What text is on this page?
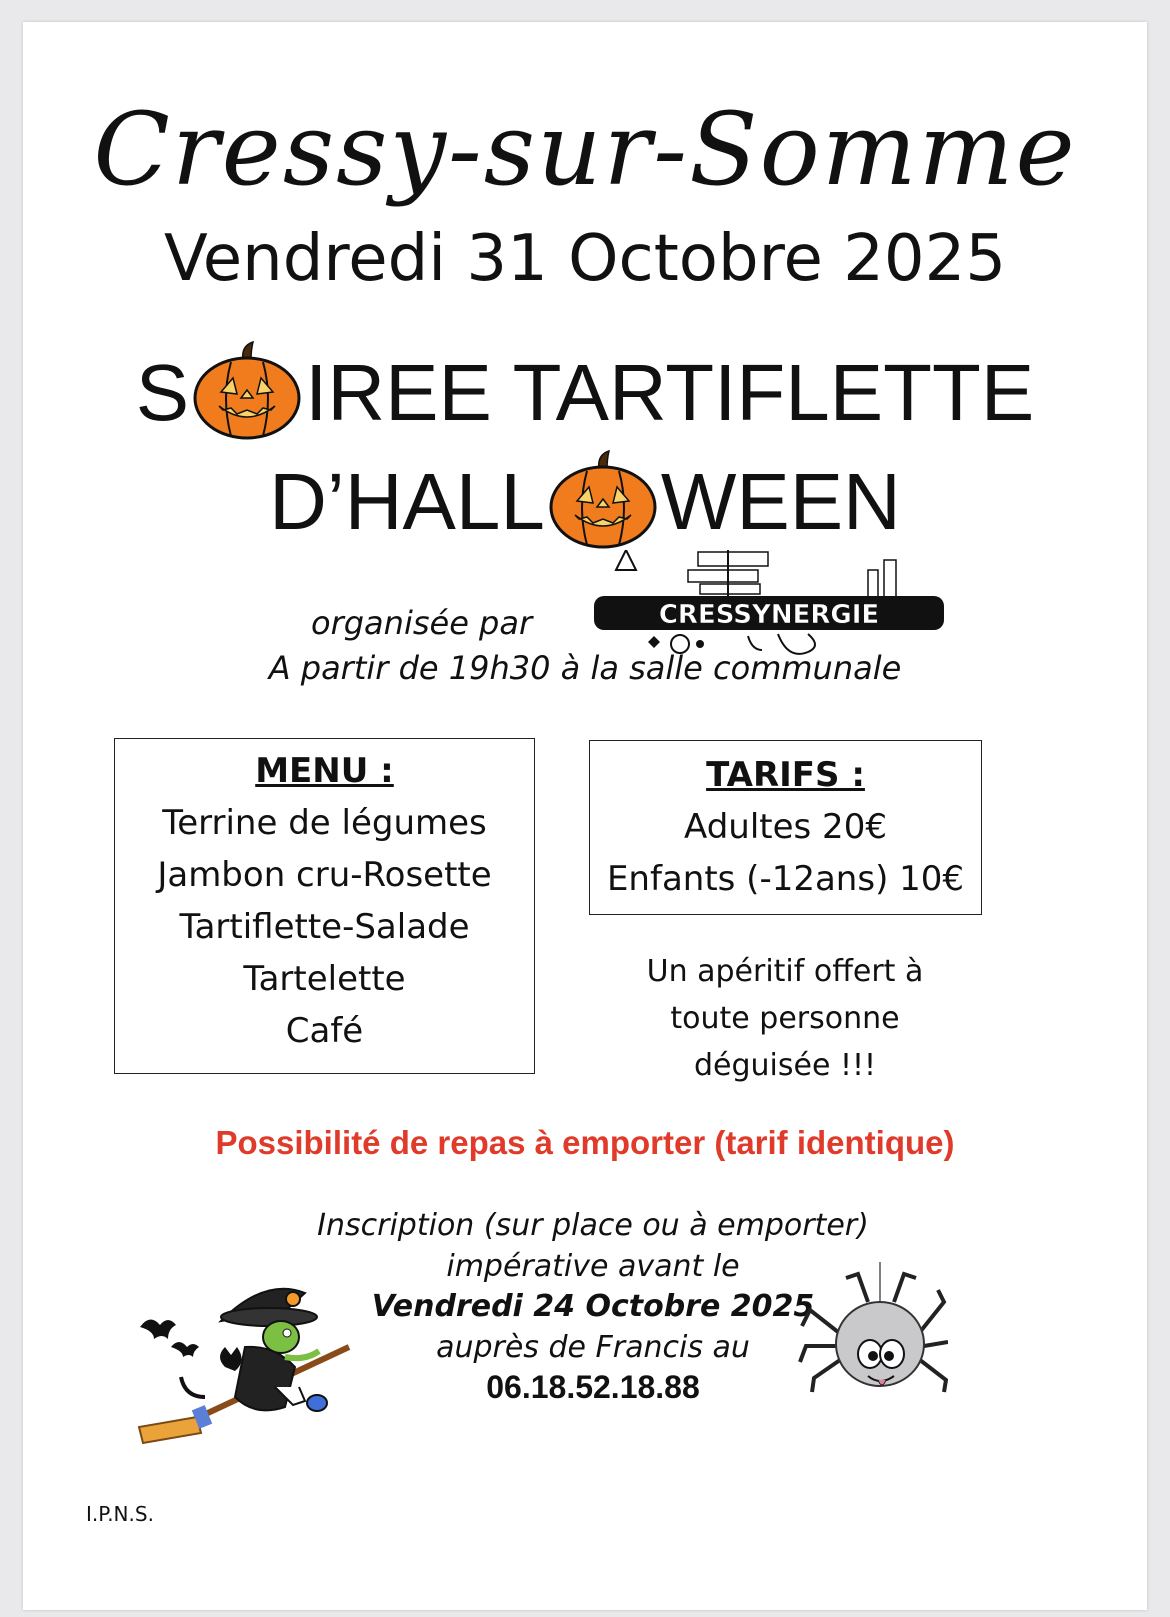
Cressy-sur-Somme
Vendredi 31 Octobre 2025
S IREE TARTIFLETTE
D’HALL WEEN
CRESSYNERGIE
organisée par
A partir de 19h30 à la salle communale
MENU :
Terrine de légumes
Jambon cru-Rosette
Tartiflette-Salade
Tartelette
Café
TARIFS :
Adultes 20€
Enfants (-12ans) 10€
Un apéritif offert à
toute personne
déguisée !!!
Possibilité de repas à emporter (tarif identique)
Inscription (sur place ou à emporter)
impérative avant le
Vendredi 24 Octobre 2025
auprès de Francis au
06.18.52.18.88
I.P.N.S.
